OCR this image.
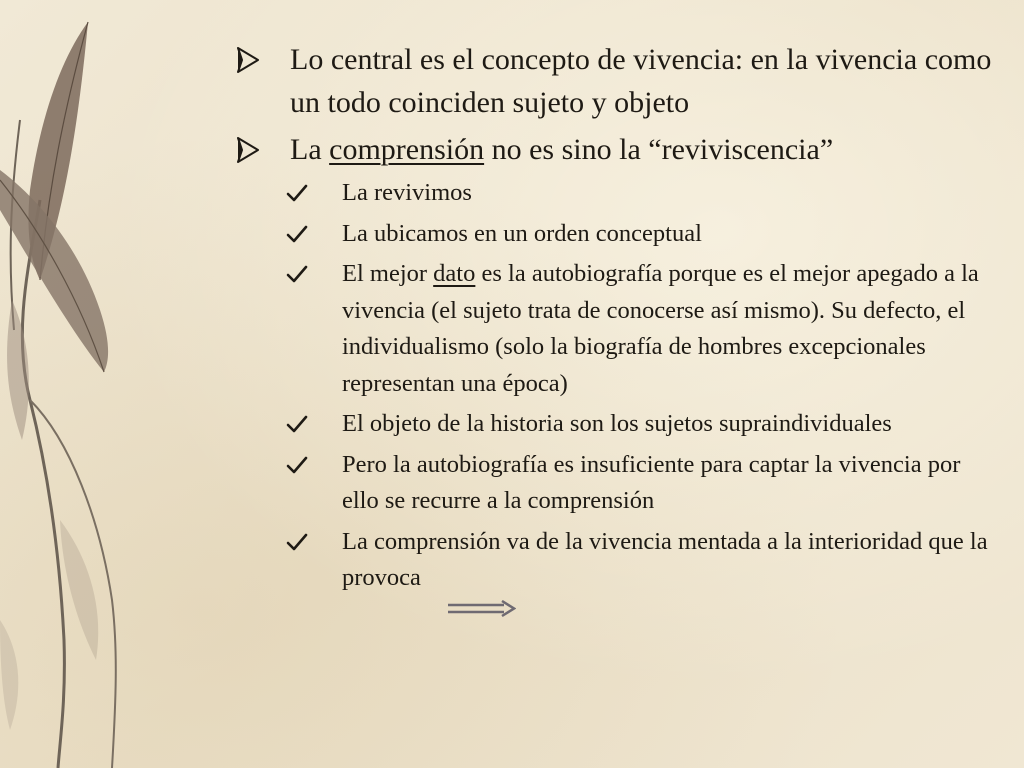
Lo central es el concepto de vivencia: en la vivencia como un todo coinciden sujeto y objeto
La comprensión no es sino la “reviviscencia”
La revivimos
La ubicamos en un orden conceptual
El mejor dato es la autobiografía porque es el mejor apegado a la vivencia (el sujeto trata de conocerse así mismo). Su defecto, el individualismo (solo la biografía de hombres excepcionales representan una época)
El objeto de la historia son los sujetos supraindividuales
Pero la autobiografía es insuficiente para captar la vivencia por ello se recurre a la comprensión
La comprensión va de la vivencia mentada a la interioridad que la provoca
